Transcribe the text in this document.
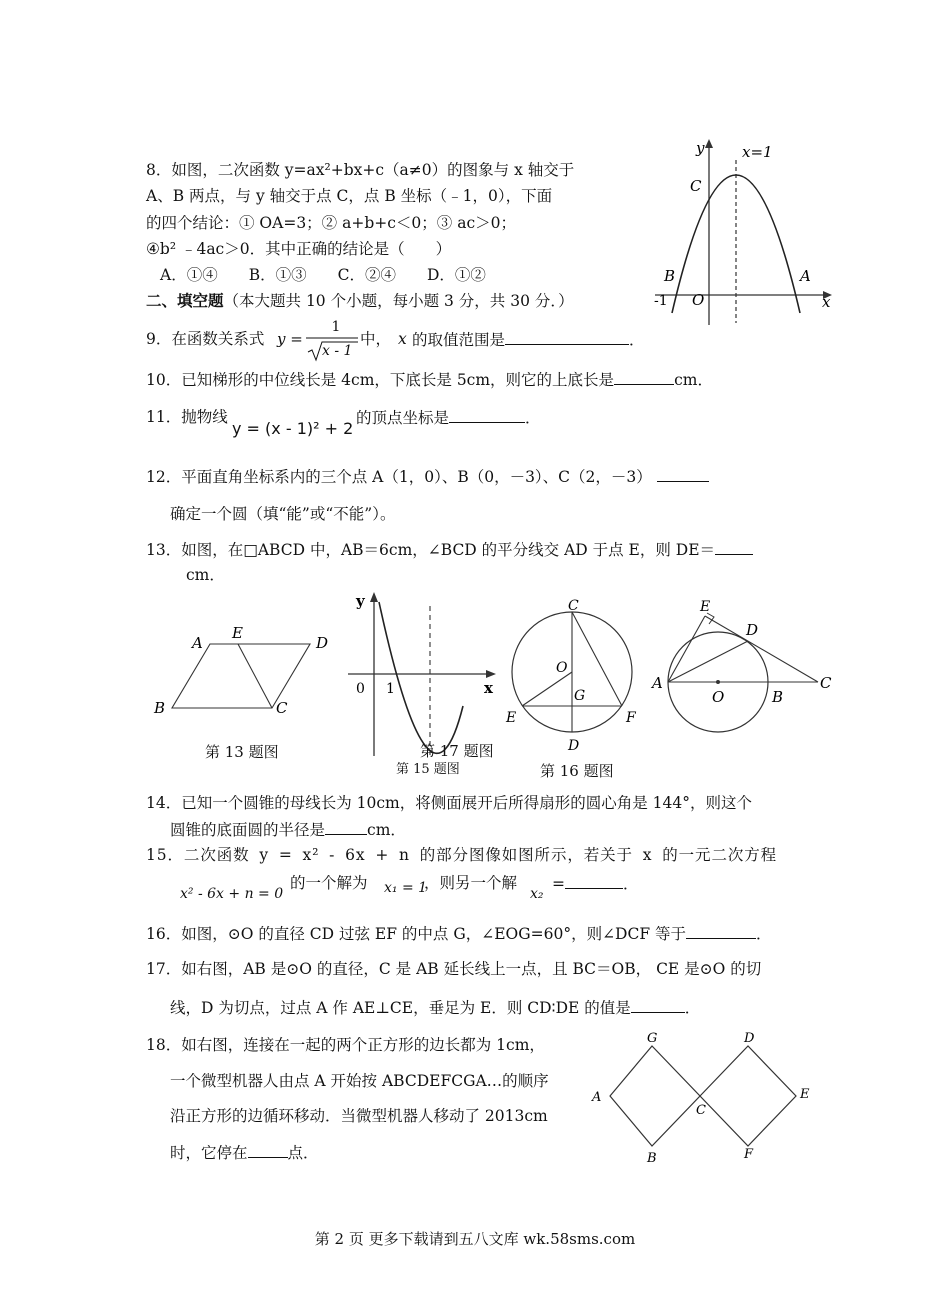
8．如图，二次函数 y=ax²+bx+c（a≠0）的图象与 x 轴交于
A、B 两点，与 y 轴交于点 C，点 B 坐标（﹣1，0），下面
的四个结论：① OA=3；② a+b+c＜0；③ ac＞0；
④b² ﹣4ac＞0．其中正确的结论是（　　）
A．①④　　B．①③　　C．②④　　D．①②
y	x=1
C
B	A
-1 O	x
二、填空题（本大题共 10 个小题，每小题 3 分，共 30 分．）
9．在函数关系式 y =
1
x - 1
中， x 的取值范围是	．
10．已知梯形的中位线长是 4cm，下底长是 5cm，则它的上底长是	cm．
11．抛物线
y = (x - 1)² + 2
的顶点坐标是	．
12．平面直角坐标系内的三个点 A（1，0）、B（0，－3）、C（2，－3）
确定一个圆（填“能”或“不能”）。
13．如图，在□ABCD 中，AB＝6cm，∠BCD 的平分线交 AD 于点 E，则 DE＝
cm．
A
E
D
B	C
第 13 题图
y
x
0 1
第 17 题图
第 15 题图
C
O
G
E	F
D
第 16 题图
E
D
A
O	B
C
14．已知一个圆锥的母线长为 10cm，将侧面展开后所得扇形的圆心角是 144°，则这个
圆锥的底面圆的半径是	cm．
15．二次函数 y = x² - 6x + n 的部分图像如图所示，若关于 x 的一元二次方程
x² - 6x + n = 0
的一个解为 x₁ = 1
，则另一个解
x₂
=	．
16．如图，⊙O 的直径 CD 过弦 EF 的中点 G，∠EOG=60°，则∠DCF 等于	．
17．如右图，AB 是⊙O 的直径，C 是 AB 延长线上一点，且 BC＝OB， CE 是⊙O 的切
线，D 为切点，过点 A 作 AE⊥CE，垂足为 E．则 CD∶DE 的值是	．
18．如右图，连接在一起的两个正方形的边长都为 1cm，
一个微型机器人由点 A 开始按 ABCDEFCGA…的顺序
沿正方形的边循环移动．当微型机器人移动了 2013cm
时，它停在	点．
G	D
A
C
E
B	F
第 2 页 更多下载请到五八文库 wk.58sms.com
